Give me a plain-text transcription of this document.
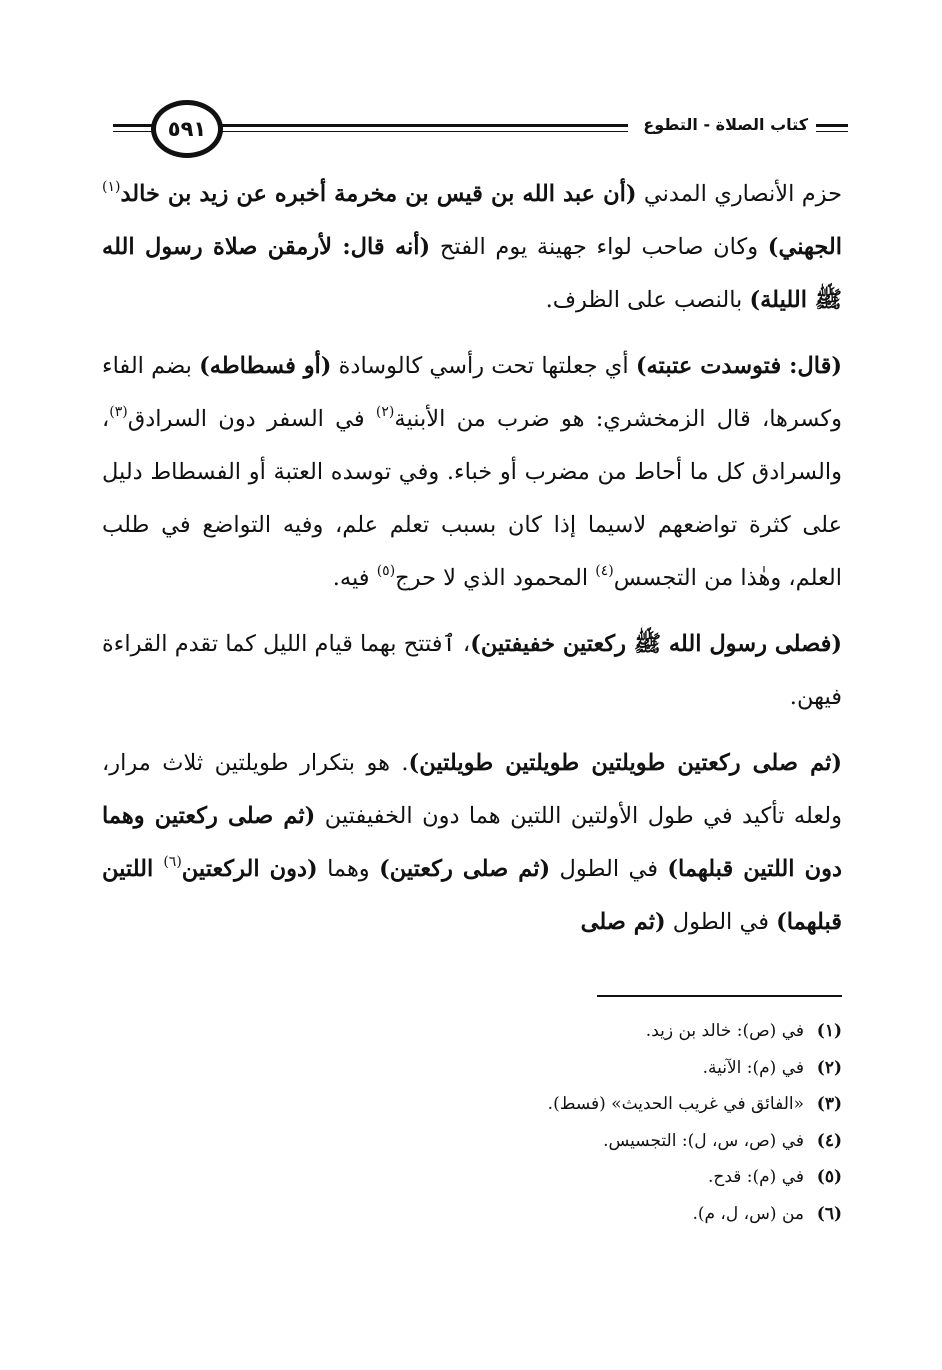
٥٩١	كتاب الصلاة - التطوع

حزم الأنصاري المدني (أن عبد الله بن قيس بن مخرمة أخبره عن زيد بن خالد$^{(١)}$ الجهني) وكان صاحب لواء جهينة يوم الفتح (أنه قال: لأرمقن صلاة رسول الله ﷺ الليلة) بالنصب على الظرف.

(قال: فتوسدت عتبته) أي جعلتها تحت رأسي كالوسادة (أو فسطاطه) بضم الفاء وكسرها، قال الزمخشري: هو ضرب من الأبنية$^{(٢)}$ في السفر دون السرادق$^{(٣)}$، والسرادق كل ما أحاط من مضرب أو خباء. وفي توسده العتبة أو الفسطاط دليل على كثرة تواضعهم لاسيما إذا كان بسبب تعلم علم، وفيه التواضع في طلب العلم، وهٰذا من التجسس$^{(٤)}$ المحمود الذي لا حرج$^{(٥)}$ فيه.

(فصلى رسول الله ﷺ ركعتين خفيفتين)، ٱفتتح بهما قيام الليل كما تقدم القراءة فيهن.

(ثم صلى ركعتين طويلتين طويلتين طويلتين). هو بتكرار طويلتين ثلاث مرار، ولعله تأكيد في طول الأولتين اللتين هما دون الخفيفتين (ثم صلى ركعتين وهما دون اللتين قبلهما) في الطول (ثم صلى ركعتين) وهما (دون الركعتين$^{(٦)}$ اللتين قبلهما) في الطول (ثم صلى

(١)
في (ص): خالد بن زيد.
(٢)
في (م): الآنية.
(٣)
«الفائق في غريب الحديث» (فسط).
(٤)
في (ص، س، ل): التجسيس.
(٥)
في (م): قدح.
(٦)
من (س، ل، م).
